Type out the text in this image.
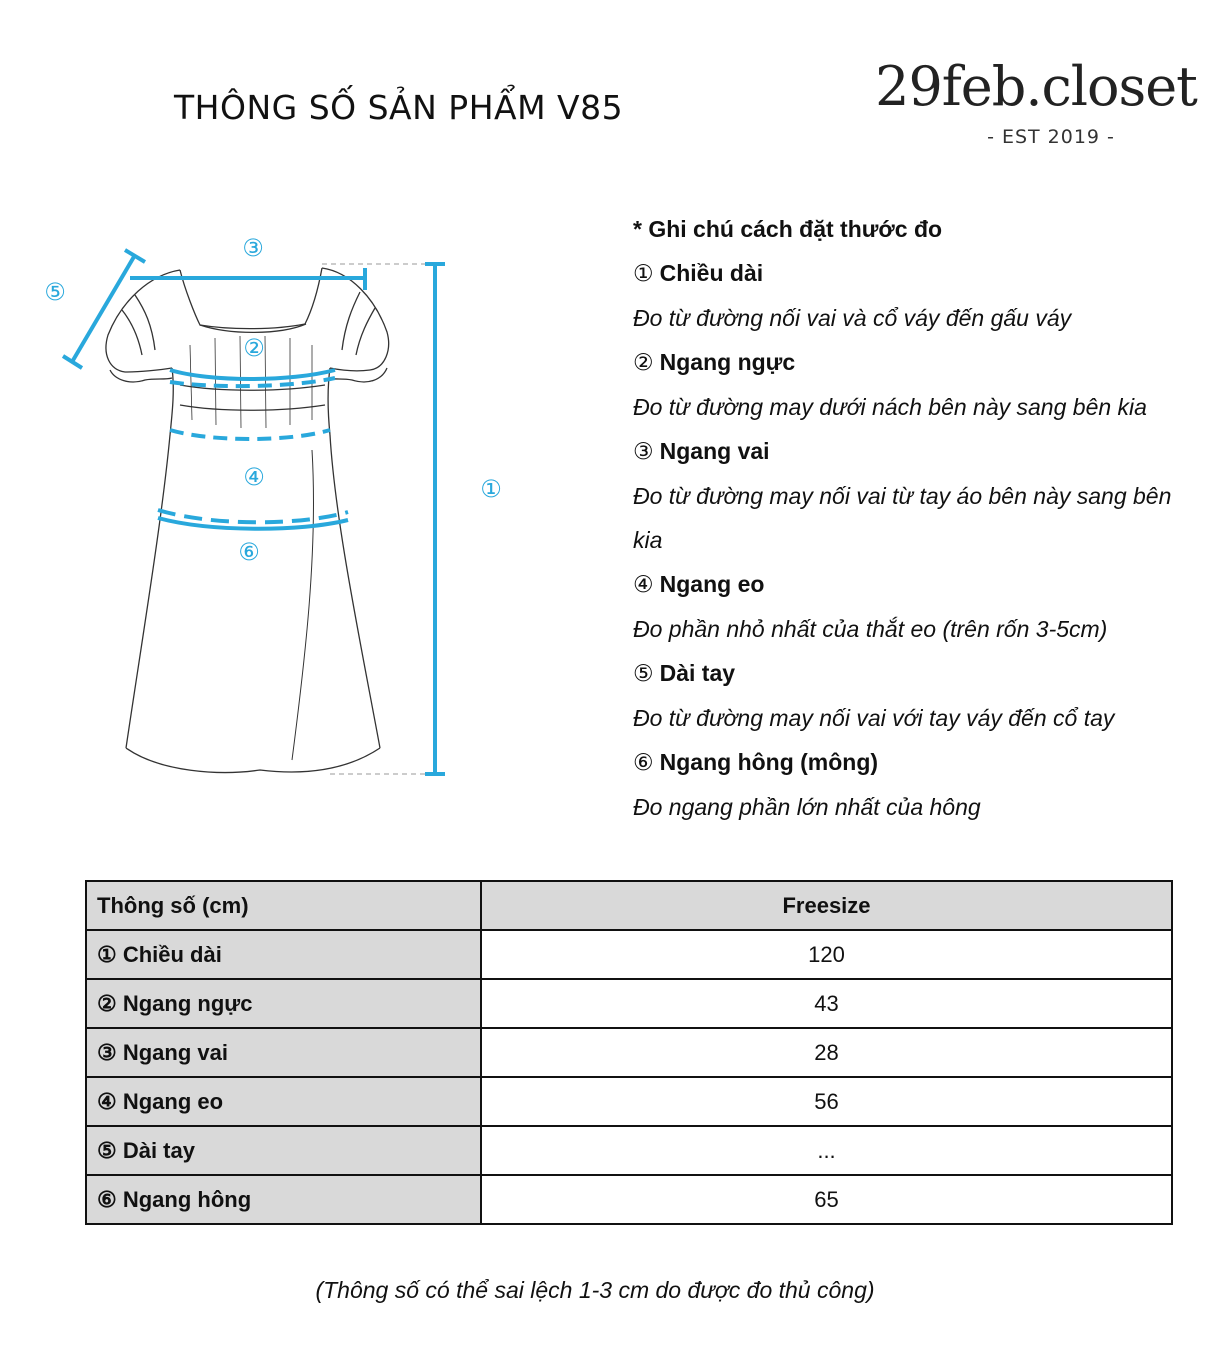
THÔNG SỐ SẢN PHẨM V85	29feb.closet
- EST 2019 -
③
⑤
②
④
⑥
①
* Ghi chú cách đặt thước đo
① Chiều dài
Đo từ đường nối vai và cổ váy đến gấu váy
② Ngang ngực
Đo từ đường may dưới nách bên này sang bên kia
③ Ngang vai
Đo từ đường may nối vai từ tay áo bên này sang bên kia
④ Ngang eo
Đo phần nhỏ nhất của thắt eo (trên rốn 3-5cm)
⑤ Dài tay
Đo từ đường may nối vai với tay váy đến cổ tay
⑥ Ngang hông (mông)
Đo ngang phần lớn nhất của hông
Thông số (cm)	Freesize
① Chiều dài	120
② Ngang ngực	43
③ Ngang vai	28
④ Ngang eo	56
⑤ Dài tay	...
⑥ Ngang hông	65
(Thông số có thể sai lệch 1-3 cm do được đo thủ công)
